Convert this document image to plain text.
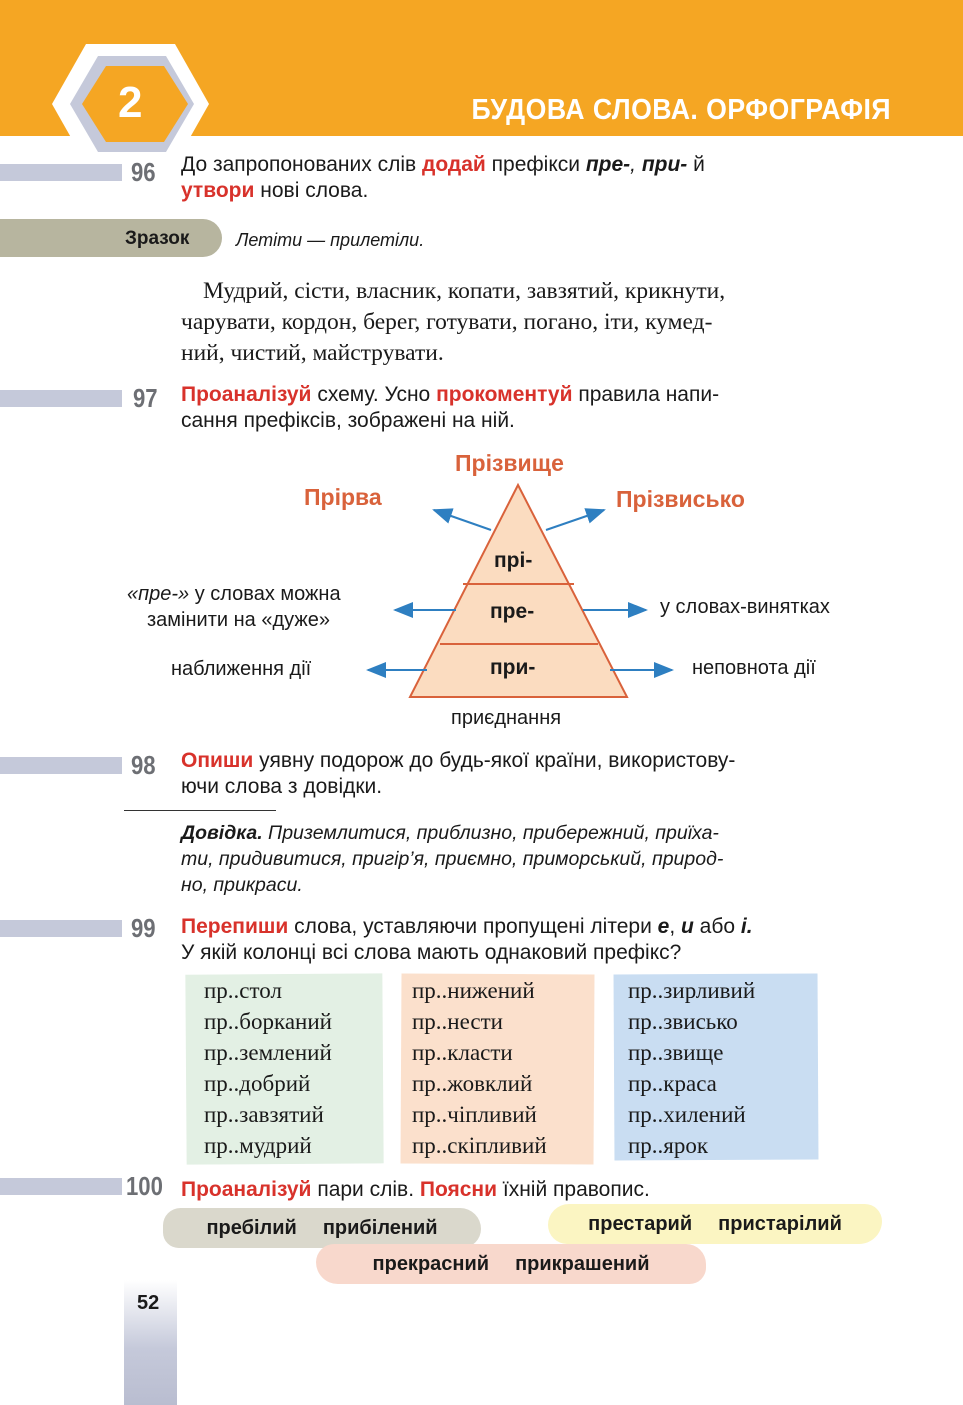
2	БУДОВА СЛОВА. ОРФОГРАФІЯ
96 До запропонованих слів додай префікси пре-, при- й
утвори нові слова.
Зразок	Летіти — прилетіли.
Мудрий, сісти, власник, копати, завзятий, крикнути,
чарувати, кордон, берег, готувати, погано, іти, кумед-
ний, чистий, майструвати.
97 Проаналізуй схему. Усно прокоментуй правила напи-
сання префіксів, зображені на ній.
Прізвище
Прірва	Прізвисько
прі-
пре-
при-
«пре-» у словах можна
замінити на «дуже»
у словах-винятках
наближення дії	неповнота дії
приєднання
98 Опиши уявну подорож до будь-якої країни, використову-
ючи слова з довідки.
Довідка. Приземлитися, приблизно, прибережний, приїха-
ти, придивитися, пригір’я, приємно, приморський, природ-
но, прикраси.
99 Перепиши слова, уставляючи пропущені літери е, и або і.
У якій колонці всі слова мають однаковий префікс?
пр..стол
пр..борканий
пр..землений
пр..добрий
пр..завзятий
пр..мудрий
пр..нижений
пр..нести
пр..класти
пр..жовклий
пр..чіпливий
пр..скіпливий
пр..зирливий
пр..звисько
пр..звище
пр..краса
пр..хилений
пр..ярок
100 Проаналізуй пари слів. Поясни їхній правопис.
пребілий прибілений	престарий пристарілий
прекрасний прикрашений
52
